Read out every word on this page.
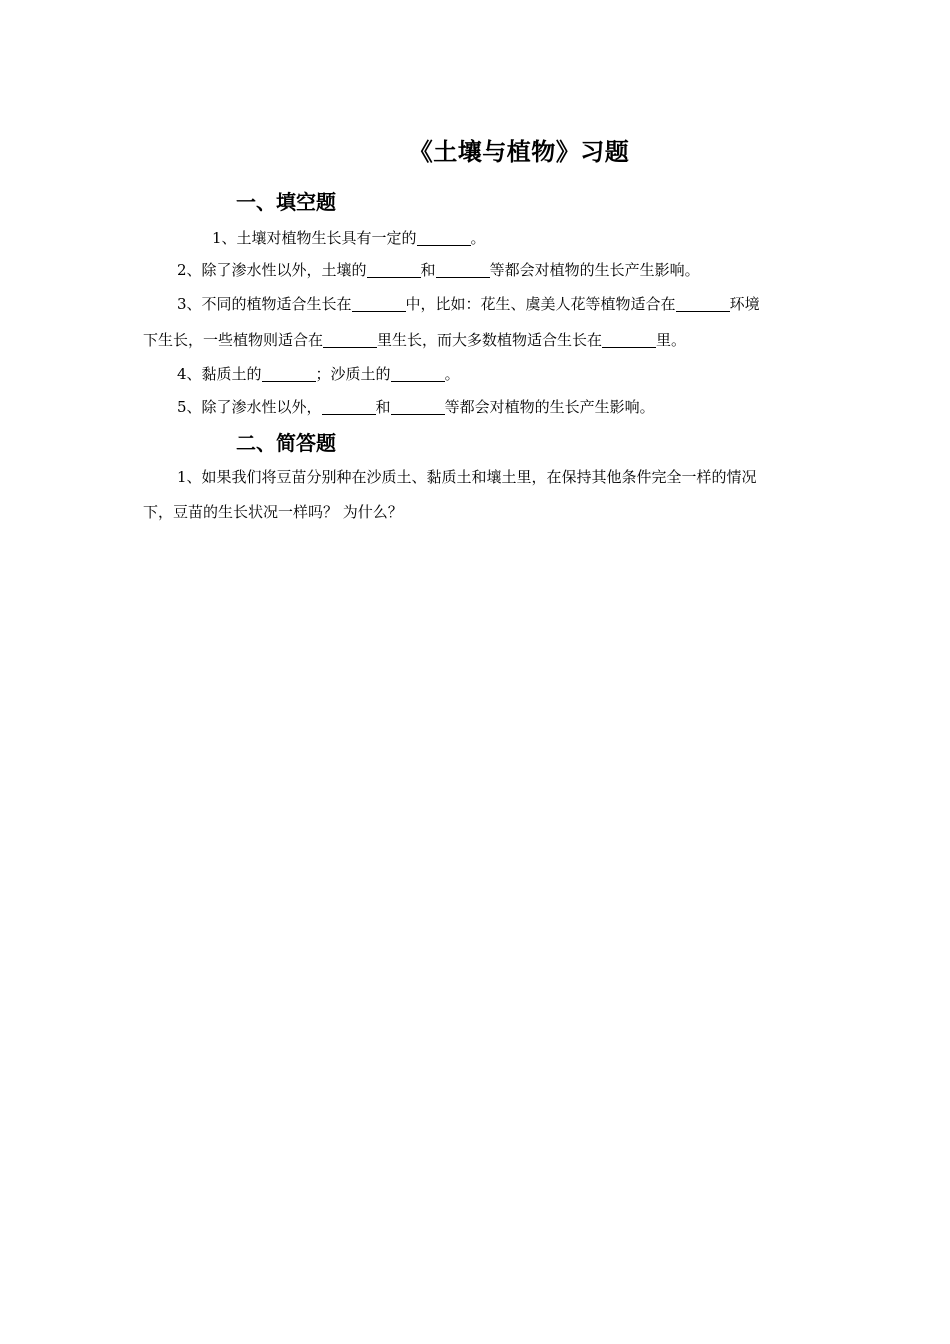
《土壤与植物》习题
一、填空题
1、土壤对植物生长具有一定的	。
2、除了渗水性以外，土壤的	和	等都会对植物的生长产生影响。
3、不同的植物适合生长在	中，比如：花生、虞美人花等植物适合在	环境
下生长，一些植物则适合在	里生长，而大多数植物适合生长在	里。
4、黏质土的	；沙质土的	。
5、除了渗水性以外，	和	等都会对植物的生长产生影响。
二、简答题
1、如果我们将豆苗分别种在沙质土、黏质土和壤土里，在保持其他条件完全一样的情况
下，豆苗的生长状况一样吗？ 为什么？
